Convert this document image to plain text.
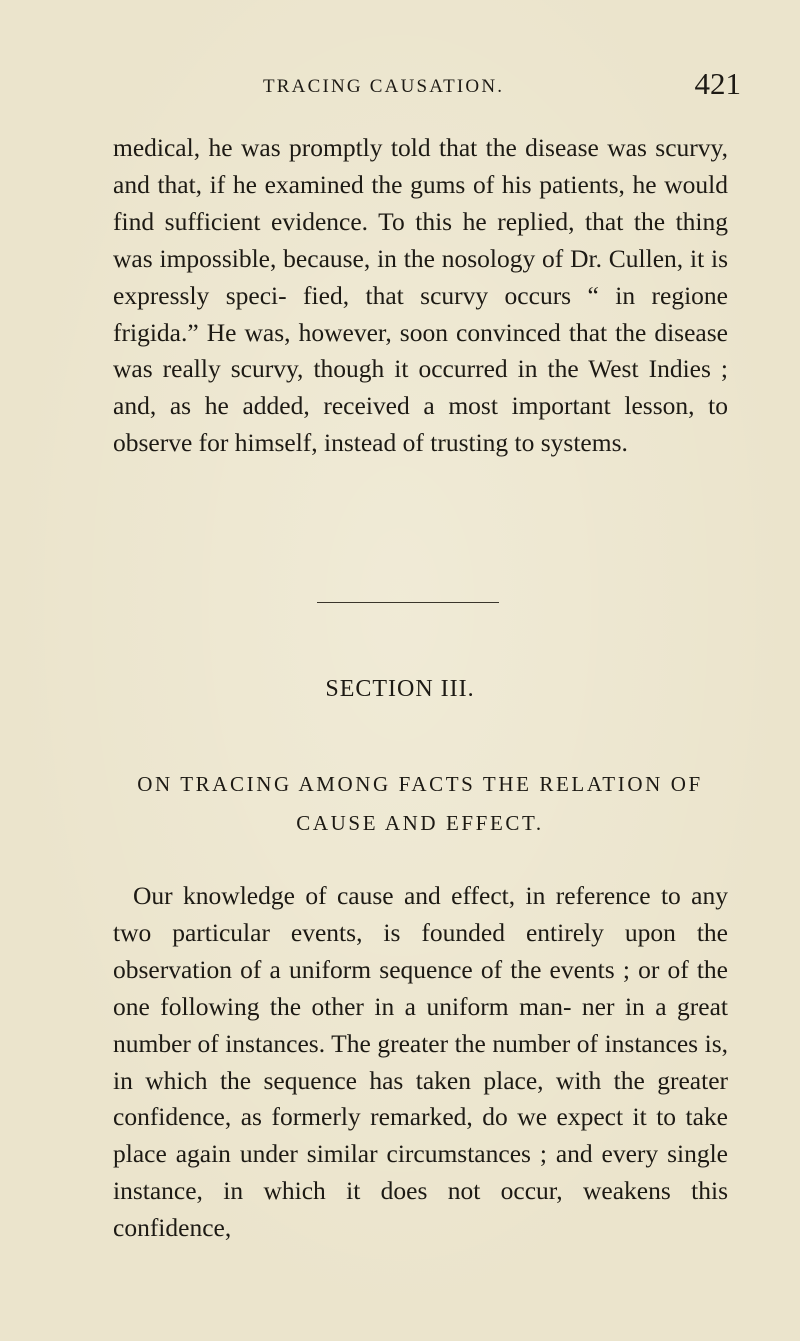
TRACING CAUSATION.	421

medical, he was promptly told that the disease was scurvy, and that, if he examined the gums of his patients, he would find sufficient evidence. To this he replied, that the thing was impossible, because, in the nosology of Dr. Cullen, it is expressly speci- fied, that scurvy occurs “ in regione frigida.” He was, however, soon convinced that the disease was really scurvy, though it occurred in the West Indies ; and, as he added, received a most important lesson, to observe for himself, instead of trusting to systems.

SECTION III.
ON TRACING AMONG FACTS THE RELATION OF CAUSE AND EFFECT.

Our knowledge of cause and effect, in reference to any two particular events, is founded entirely upon the observation of a uniform sequence of the events ; or of the one following the other in a uniform man- ner in a great number of instances. The greater the number of instances is, in which the sequence has taken place, with the greater confidence, as formerly remarked, do we expect it to take place again under similar circumstances ; and every single instance, in which it does not occur, weakens this confidence,
